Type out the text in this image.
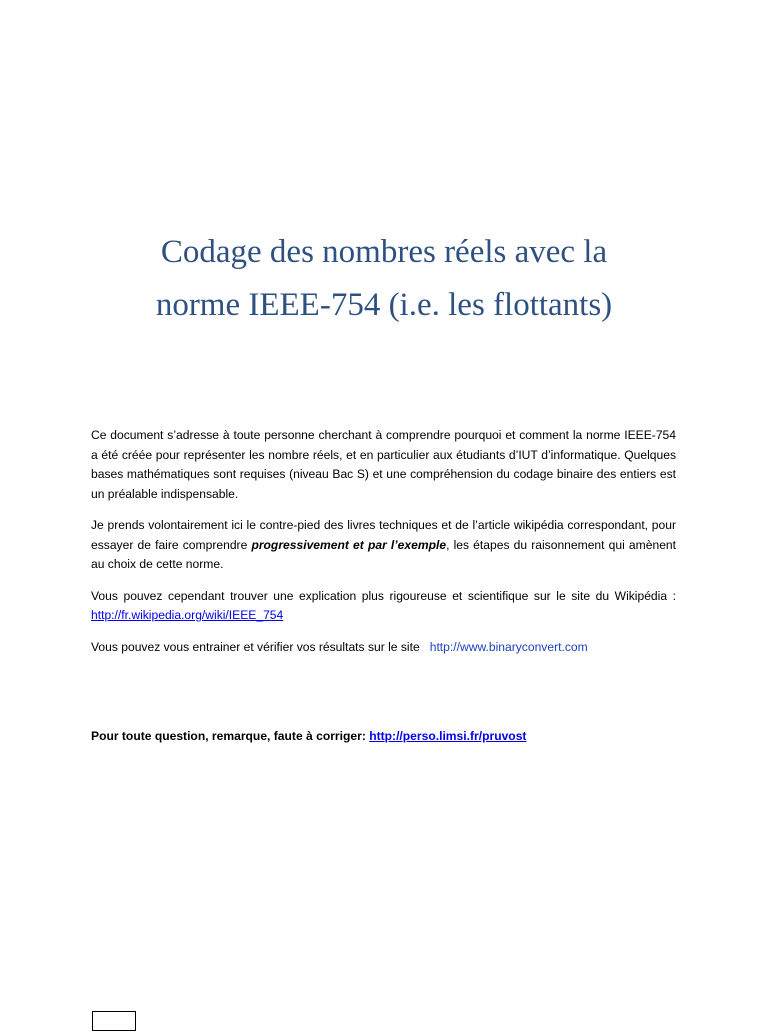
Codage des nombres réels avec la
norme IEEE-754 (i.e. les flottants)

Ce document s’adresse à toute personne cherchant à comprendre pourquoi et comment la norme IEEE-754 a été créée pour représenter les nombre réels, et en particulier aux étudiants d’IUT d’informatique. Quelques bases mathématiques sont requises (niveau Bac S) et une compréhension du codage binaire des entiers est un préalable indispensable.

Je prends volontairement ici le contre-pied des livres techniques et de l’article wikipédia correspondant, pour essayer de faire comprendre progressivement et par l’exemple, les étapes du raisonnement qui amènent au choix de cette norme.

Vous pouvez cependant trouver une explication plus rigoureuse et scientifique sur le site du Wikipédia : http://fr.wikipedia.org/wiki/IEEE_754

Vous pouvez vous entrainer et vérifier vos résultats sur le site http://www.binaryconvert.com

Pour toute question, remarque, faute à corriger: http://perso.limsi.fr/pruvost
